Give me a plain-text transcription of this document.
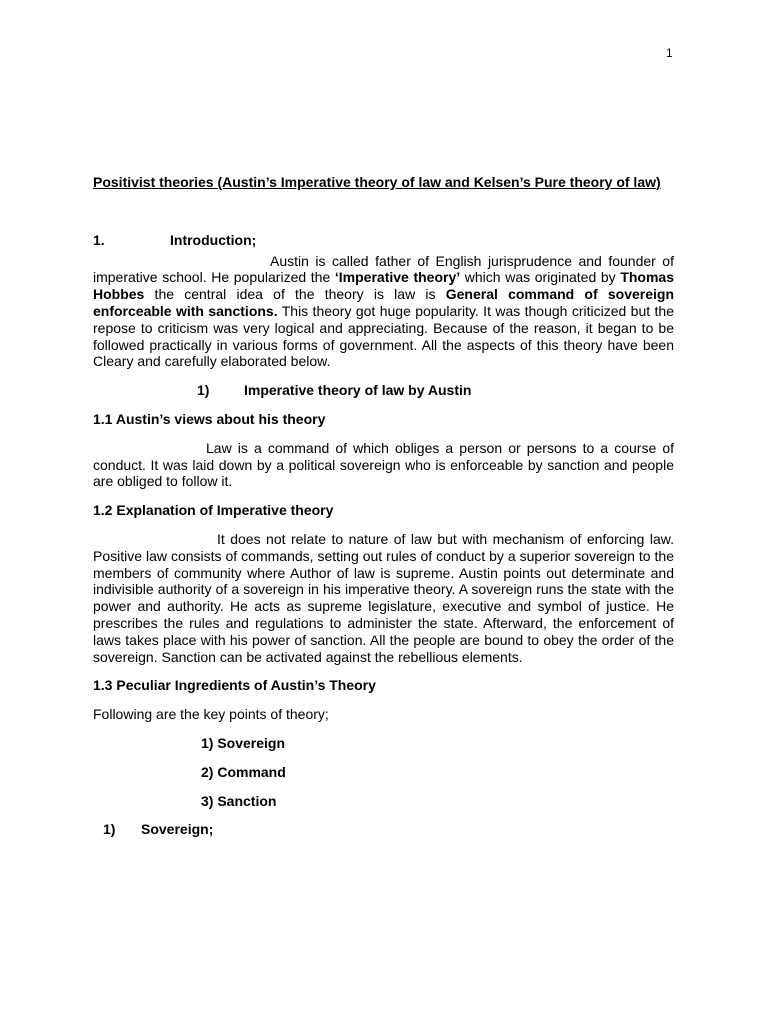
1

Positivist theories (Austin’s Imperative theory of law and Kelsen’s Pure theory of law)

1.	Introduction;

Austin is called father of English jurisprudence and founder of imperative school. He popularized the ‘Imperative theory’ which was originated by Thomas Hobbes the central idea of the theory is law is General command of sovereign enforceable with sanctions. This theory got huge popularity. It was though criticized but the repose to criticism was very logical and appreciating. Because of the reason, it began to be followed practically in various forms of government. All the aspects of this theory have been Cleary and carefully elaborated below.

1)	Imperative theory of law by Austin

1.1 Austin’s views about his theory

Law is a command of which obliges a person or persons to a course of conduct. It was laid down by a political sovereign who is enforceable by sanction and people are obliged to follow it.

1.2 Explanation of Imperative theory

It does not relate to nature of law but with mechanism of enforcing law. Positive law consists of commands, setting out rules of conduct by a superior sovereign to the members of community where Author of law is supreme. Austin points out determinate and indivisible authority of a sovereign in his imperative theory. A sovereign runs the state with the power and authority. He acts as supreme legislature, executive and symbol of justice. He prescribes the rules and regulations to administer the state. Afterward, the enforcement of laws takes place with his power of sanction. All the people are bound to obey the order of the sovereign. Sanction can be activated against the rebellious elements.

1.3 Peculiar Ingredients of Austin’s Theory

Following are the key points of theory;

1) Sovereign
2) Command
3) Sanction
1)	Sovereign;
